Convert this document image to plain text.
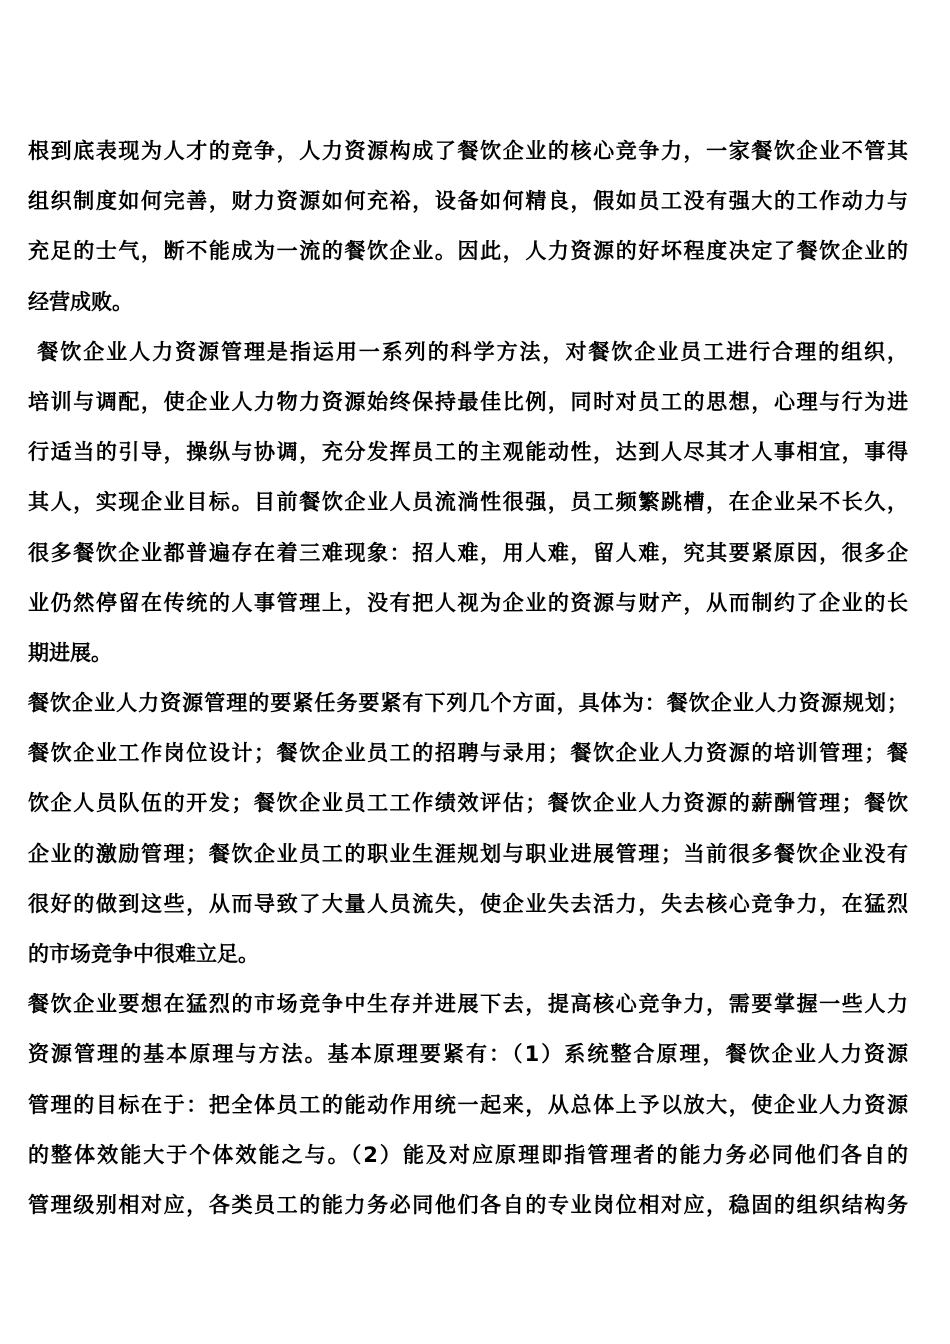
根到底表现为人才的竞争，人力资源构成了餐饮企业的核心竞争力，一家餐饮企业不管其
组织制度如何完善，财力资源如何充裕，设备如何精良，假如员工没有强大的工作动力与
充足的士气，断不能成为一流的餐饮企业。因此，人力资源的好坏程度决定了餐饮企业的
经营成败。
餐饮企业人力资源管理是指运用一系列的科学方法，对餐饮企业员工进行合理的组织，
培训与调配，使企业人力物力资源始终保持最佳比例，同时对员工的思想，心理与行为进
行适当的引导，操纵与协调，充分发挥员工的主观能动性，达到人尽其才人事相宜，事得
其人，实现企业目标。目前餐饮企业人员流淌性很强，员工频繁跳槽，在企业呆不长久，
很多餐饮企业都普遍存在着三难现象：招人难，用人难，留人难，究其要紧原因，很多企
业仍然停留在传统的人事管理上，没有把人视为企业的资源与财产，从而制约了企业的长
期进展。
餐饮企业人力资源管理的要紧任务要紧有下列几个方面，具体为：餐饮企业人力资源规划；
餐饮企业工作岗位设计；餐饮企业员工的招聘与录用；餐饮企业人力资源的培训管理；餐
饮企人员队伍的开发；餐饮企业员工工作绩效评估；餐饮企业人力资源的薪酬管理；餐饮
企业的激励管理；餐饮企业员工的职业生涯规划与职业进展管理；当前很多餐饮企业没有
很好的做到这些，从而导致了大量人员流失，使企业失去活力，失去核心竞争力，在猛烈
的市场竞争中很难立足。
餐饮企业要想在猛烈的市场竞争中生存并进展下去，提高核心竞争力，需要掌握一些人力
资源管理的基本原理与方法。基本原理要紧有：（1）系统整合原理，餐饮企业人力资源
管理的目标在于：把全体员工的能动作用统一起来，从总体上予以放大，使企业人力资源
的整体效能大于个体效能之与。（2）能及对应原理即指管理者的能力务必同他们各自的
管理级别相对应，各类员工的能力务必同他们各自的专业岗位相对应，稳固的组织结构务
